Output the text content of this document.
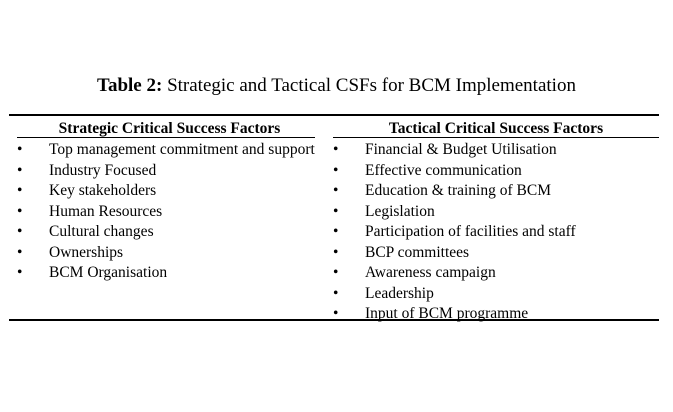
Table 2: Strategic and Tactical CSFs for BCM Implementation
Strategic Critical Success Factors
•
Top management commitment and support
•
Industry Focused
•
Key stakeholders
•
Human Resources
•
Cultural changes
•
Ownerships
•
BCM Organisation
Tactical Critical Success Factors
•
Financial & Budget Utilisation
•
Effective communication
•
Education & training of BCM
•
Legislation
•
Participation of facilities and staff
•
BCP committees
•
Awareness campaign
•
Leadership
•
Input of BCM programme
